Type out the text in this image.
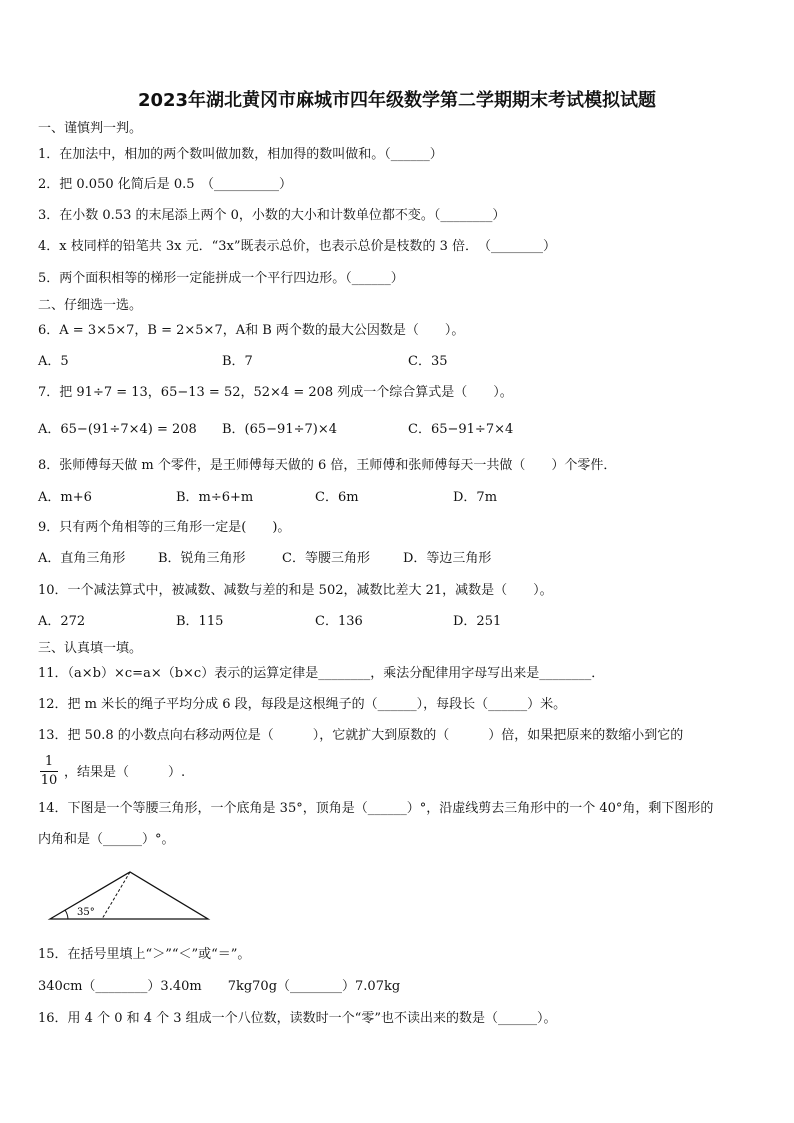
2023年湖北黄冈市麻城市四年级数学第二学期期末考试模拟试题
一、谨慎判一判。
1．在加法中，相加的两个数叫做加数，相加得的数叫做和。（______）
2．把 0.050 化简后是 0.5　（__________）
3．在小数 0.53 的末尾添上两个 0，小数的大小和计数单位都不变。（________）
4．x 枝同样的铅笔共 3x 元．“3x”既表示总价，也表示总价是枝数的 3 倍．　（________）
5．两个面积相等的梯形一定能拼成一个平行四边形。（______）
二、仔细选一选。
6．A = 3×5×7，B = 2×5×7，A和 B 两个数的最大公因数是（　　）。
A．5	B．7	C．35
7．把 91÷7 = 13，65−13 = 52，52×4 = 208 列成一个综合算式是（　　）。
A．65−(91÷7×4) = 208 B．(65−91÷7)×4	C．65−91÷7×4
8．张师傅每天做 m 个零件，是王师傅每天做的 6 倍，王师傅和张师傅每天一共做（　　）个零件．
A．m+6	B．m÷6+m	C．6m	D．7m
9．只有两个角相等的三角形一定是(　　)。
A．直角三角形	B．锐角三角形	C．等腰三角形	D．等边三角形
10．一个减法算式中，被减数、减数与差的和是 502，减数比差大 21，减数是（　　）。
A．272	B．115	C．136	D．251
三、认真填一填。
11．（a×b）×c=a×（b×c）表示的运算定律是________，乘法分配律用字母写出来是________．
12．把 m 米长的绳子平均分成 6 段，每段是这根绳子的（______），每段长（______）米。
13．把 50.8 的小数点向右移动两位是（　　　），它就扩大到原数的（　　　）倍，如果把原来的数缩小到它的
1
10
，结果是（　　　）.
14．下图是一个等腰三角形，一个底角是 35°，顶角是（______）°，沿虚线剪去三角形中的一个 40°角，剩下图形的
内角和是（______）°。
35°
15．在括号里填上“＞”“＜”或“＝”。
340cm（________）3.40m　　7kg70g（________）7.07kg
16．用 4 个 0 和 4 个 3 组成一个八位数，读数时一个“零”也不读出来的数是（______）。
